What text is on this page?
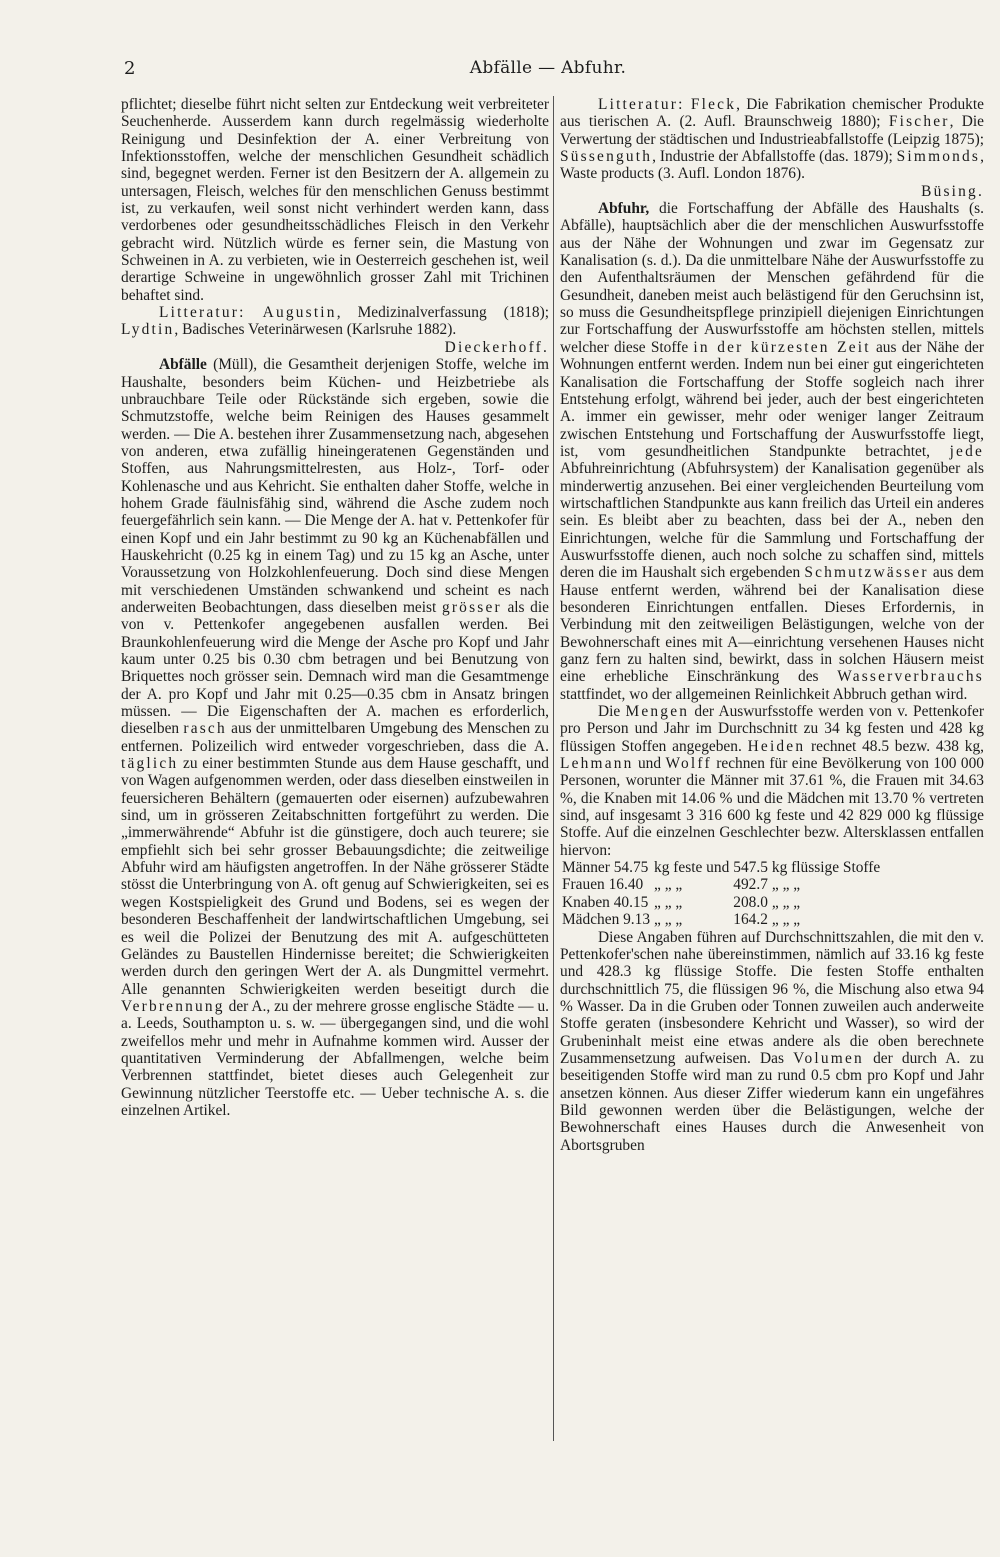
2	Abfälle — Abfuhr.

pflichtet; dieselbe führt nicht selten zur Entdeckung weit verbreiteter Seuchenherde. Ausserdem kann durch regelmässig wiederholte Reinigung und Desinfektion der A. einer Verbreitung von Infektionsstoffen, welche der menschlichen Gesundheit schädlich sind, begegnet werden. Ferner ist den Besitzern der A. allgemein zu untersagen, Fleisch, welches für den menschlichen Genuss bestimmt ist, zu verkaufen, weil sonst nicht verhindert werden kann, dass verdorbenes oder gesundheitsschädliches Fleisch in den Verkehr gebracht wird. Nützlich würde es ferner sein, die Mastung von Schweinen in A. zu verbieten, wie in Oesterreich geschehen ist, weil derartige Schweine in ungewöhnlich grosser Zahl mit Trichinen behaftet sind.

Litteratur: Augustin, Medizinalverfassung (1818); Lydtin, Badisches Veterinärwesen (Karlsruhe 1882).

Dieckerhoff.

Abfälle (Müll), die Gesamtheit derjenigen Stoffe, welche im Haushalte, besonders beim Küchen- und Heizbetriebe als unbrauchbare Teile oder Rückstände sich ergeben, sowie die Schmutzstoffe, welche beim Reinigen des Hauses gesammelt werden. — Die A. bestehen ihrer Zusammensetzung nach, abgesehen von anderen, etwa zufällig hineingeratenen Gegenständen und Stoffen, aus Nahrungsmittelresten, aus Holz-, Torf- oder Kohlenasche und aus Kehricht. Sie enthalten daher Stoffe, welche in hohem Grade fäulnisfähig sind, während die Asche zudem noch feuergefährlich sein kann. — Die Menge der A. hat v. Pettenkofer für einen Kopf und ein Jahr bestimmt zu 90 kg an Küchenabfällen und Hauskehricht (0.25 kg in einem Tag) und zu 15 kg an Asche, unter Voraussetzung von Holzkohlenfeuerung. Doch sind diese Mengen mit verschiedenen Umständen schwankend und scheint es nach anderweiten Beobachtungen, dass dieselben meist grösser als die von v. Pettenkofer angegebenen ausfallen werden. Bei Braunkohlenfeuerung wird die Menge der Asche pro Kopf und Jahr kaum unter 0.25 bis 0.30 cbm betragen und bei Benutzung von Briquettes noch grösser sein. Demnach wird man die Gesamtmenge der A. pro Kopf und Jahr mit 0.25—0.35 cbm in Ansatz bringen müssen. — Die Eigenschaften der A. machen es erforderlich, dieselben rasch aus der unmittelbaren Umgebung des Menschen zu entfernen. Polizeilich wird entweder vorgeschrieben, dass die A. täglich zu einer bestimmten Stunde aus dem Hause geschafft, und von Wagen aufgenommen werden, oder dass dieselben einstweilen in feuersicheren Behältern (gemauerten oder eisernen) aufzubewahren sind, um in grösseren Zeitabschnitten fortgeführt zu werden. Die „immerwährende“ Abfuhr ist die günstigere, doch auch teurere; sie empfiehlt sich bei sehr grosser Bebauungsdichte; die zeitweilige Abfuhr wird am häufigsten angetroffen. In der Nähe grösserer Städte stösst die Unterbringung von A. oft genug auf Schwierigkeiten, sei es wegen Kostspieligkeit des Grund und Bodens, sei es wegen der besonderen Beschaffenheit der landwirtschaftlichen Umgebung, sei es weil die Polizei der Benutzung des mit A. aufgeschütteten Geländes zu Baustellen Hindernisse bereitet; die Schwierigkeiten werden durch den geringen Wert der A. als Dungmittel vermehrt. Alle genannten Schwierigkeiten werden beseitigt durch die Verbrennung der A., zu der mehrere grosse englische Städte — u. a. Leeds, Southampton u. s. w. — übergegangen sind, und die wohl zweifellos mehr und mehr in Aufnahme kommen wird. Ausser der quantitativen Verminderung der Abfallmengen, welche beim Verbrennen stattfindet, bietet dieses auch Gelegenheit zur Gewinnung nützlicher Teerstoffe etc. — Ueber technische A. s. die einzelnen Artikel.

Litteratur: Fleck, Die Fabrikation chemischer Produkte aus tierischen A. (2. Aufl. Braunschweig 1880); Fischer, Die Verwertung der städtischen und Industrieabfallstoffe (Leipzig 1875); Süssenguth, Industrie der Abfallstoffe (das. 1879); Simmonds, Waste products (3. Aufl. London 1876).

Büsing.

Abfuhr, die Fortschaffung der Abfälle des Haushalts (s. Abfälle), hauptsächlich aber die der menschlichen Auswurfsstoffe aus der Nähe der Wohnungen und zwar im Gegensatz zur Kanalisation (s. d.). Da die unmittelbare Nähe der Auswurfsstoffe zu den Aufenthaltsräumen der Menschen gefährdend für die Gesundheit, daneben meist auch belästigend für den Geruchsinn ist, so muss die Gesundheitspflege prinzipiell diejenigen Einrichtungen zur Fortschaffung der Auswurfsstoffe am höchsten stellen, mittels welcher diese Stoffe in der kürzesten Zeit aus der Nähe der Wohnungen entfernt werden. Indem nun bei einer gut eingerichteten Kanalisation die Fortschaffung der Stoffe sogleich nach ihrer Entstehung erfolgt, während bei jeder, auch der best eingerichteten A. immer ein gewisser, mehr oder weniger langer Zeitraum zwischen Entstehung und Fortschaffung der Auswurfsstoffe liegt, ist, vom gesundheitlichen Standpunkte betrachtet, jede Abfuhreinrichtung (Abfuhrsystem) der Kanalisation gegenüber als minderwertig anzusehen. Bei einer vergleichenden Beurteilung vom wirtschaftlichen Standpunkte aus kann freilich das Urteil ein anderes sein. Es bleibt aber zu beachten, dass bei der A., neben den Einrichtungen, welche für die Sammlung und Fortschaffung der Auswurfsstoffe dienen, auch noch solche zu schaffen sind, mittels deren die im Haushalt sich ergebenden Schmutzwässer aus dem Hause entfernt werden, während bei der Kanalisation diese besonderen Einrichtungen entfallen. Dieses Erfordernis, in Verbindung mit den zeitweiligen Belästigungen, welche von der Bewohnerschaft eines mit A—einrichtung versehenen Hauses nicht ganz fern zu halten sind, bewirkt, dass in solchen Häusern meist eine erhebliche Einschränkung des Wasserverbrauchs stattfindet, wo der allgemeinen Reinlichkeit Abbruch gethan wird.

Die Mengen der Auswurfsstoffe werden von v. Pettenkofer pro Person und Jahr im Durchschnitt zu 34 kg festen und 428 kg flüssigen Stoffen angegeben. Heiden rechnet 48.5 bezw. 438 kg, Lehmann und Wolff rechnen für eine Bevölkerung von 100 000 Personen, worunter die Männer mit 37.61 %, die Frauen mit 34.63 %, die Knaben mit 14.06 % und die Mädchen mit 13.70 % vertreten sind, auf insgesamt 3 316 600 kg feste und 42 829 000 kg flüssige Stoffe. Auf die einzelnen Geschlechter bezw. Altersklassen entfallen hiervon:

Männer 54.75	kg feste und	547.5	kg flüssige Stoffe
Frauen 16.40	„ „ „	492.7	„ „ „
Knaben 40.15	„ „ „	208.0	„ „ „
Mädchen 9.13	„ „ „	164.2	„ „ „

Diese Angaben führen auf Durchschnittszahlen, die mit den v. Pettenkofer'schen nahe übereinstimmen, nämlich auf 33.16 kg feste und 428.3 kg flüssige Stoffe. Die festen Stoffe enthalten durchschnittlich 75, die flüssigen 96 %, die Mischung also etwa 94 % Wasser. Da in die Gruben oder Tonnen zuweilen auch anderweite Stoffe geraten (insbesondere Kehricht und Wasser), so wird der Grubeninhalt meist eine etwas andere als die oben berechnete Zusammensetzung aufweisen. Das Volumen der durch A. zu beseitigenden Stoffe wird man zu rund 0.5 cbm pro Kopf und Jahr ansetzen können. Aus dieser Ziffer wiederum kann ein ungefähres Bild gewonnen werden über die Belästigungen, welche der Bewohnerschaft eines Hauses durch die Anwesenheit von Abortsgruben
